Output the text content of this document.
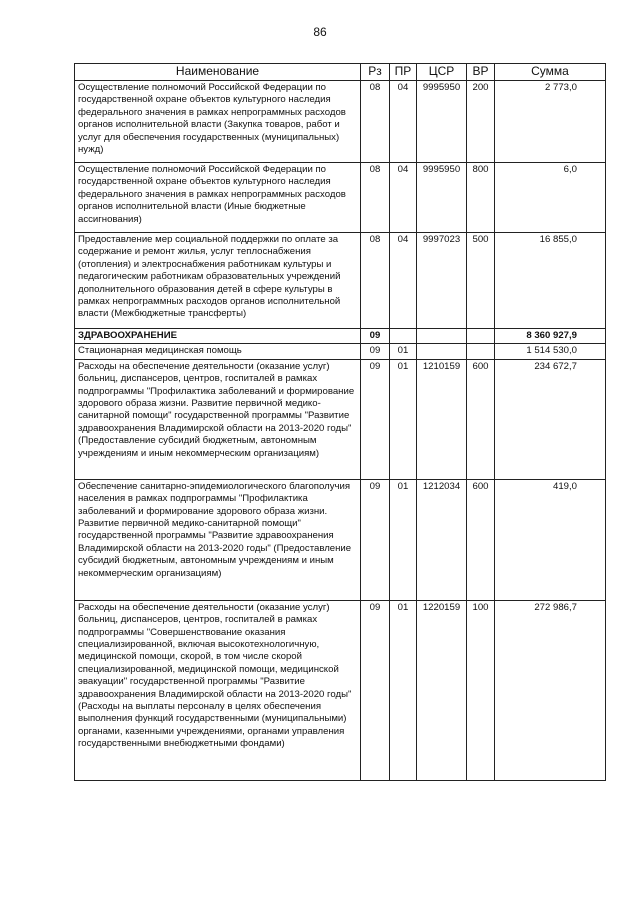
86
Наименование	Рз	ПР	ЦСР	ВР	Сумма
Осуществление полномочий Российской Федерации по государственной охране объектов культурного наследия федерального значения в рамках непрограммных расходов органов исполнительной власти (Закупка товаров, работ и услуг для обеспечения государственных (муниципальных) нужд)	08	04	9995950	200	2 773,0
Осуществление полномочий Российской Федерации по государственной охране объектов культурного наследия федерального значения в рамках непрограммных расходов органов исполнительной власти (Иные бюджетные ассигнования)	08	04	9995950	800	6,0
Предоставление мер социальной поддержки по оплате за содержание и ремонт жилья, услуг теплоснабжения (отопления) и электроснабжения работникам культуры и педагогическим работникам образовательных учреждений дополнительного образования детей в сфере культуры в рамках непрограммных расходов органов исполнительной власти (Межбюджетные трансферты)	08	04	9997023	500	16 855,0
ЗДРАВООХРАНЕНИЕ	09				8 360 927,9
Стационарная медицинская помощь	09	01			1 514 530,0
Расходы на обеспечение деятельности (оказание услуг) больниц, диспансеров, центров, госпиталей в рамках подпрограммы "Профилактика заболеваний и формирование здорового образа жизни. Развитие первичной медико-санитарной помощи" государственной программы "Развитие здравоохранения Владимирской области на 2013-2020 годы" (Предоставление субсидий бюджетным, автономным учреждениям и иным некоммерческим организациям)	09	01	1210159	600	234 672,7
Обеспечение санитарно-эпидемиологического благополучия населения в рамках подпрограммы "Профилактика заболеваний и формирование здорового образа жизни. Развитие первичной медико-санитарной помощи" государственной программы "Развитие здравоохранения Владимирской области на 2013-2020 годы" (Предоставление субсидий бюджетным, автономным учреждениям и иным некоммерческим организациям)	09	01	1212034	600	419,0
Расходы на обеспечение деятельности (оказание услуг) больниц, диспансеров, центров, госпиталей в рамках подпрограммы "Совершенствование оказания специализированной, включая высокотехнологичную, медицинской помощи, скорой, в том числе скорой специализированной, медицинской помощи, медицинской эвакуации" государственной программы "Развитие здравоохранения Владимирской области на 2013-2020 годы" (Расходы на выплаты персоналу в целях обеспечения выполнения функций государственными (муниципальными) органами, казенными учреждениями, органами управления государственными внебюджетными фондами)	09	01	1220159	100	272 986,7
